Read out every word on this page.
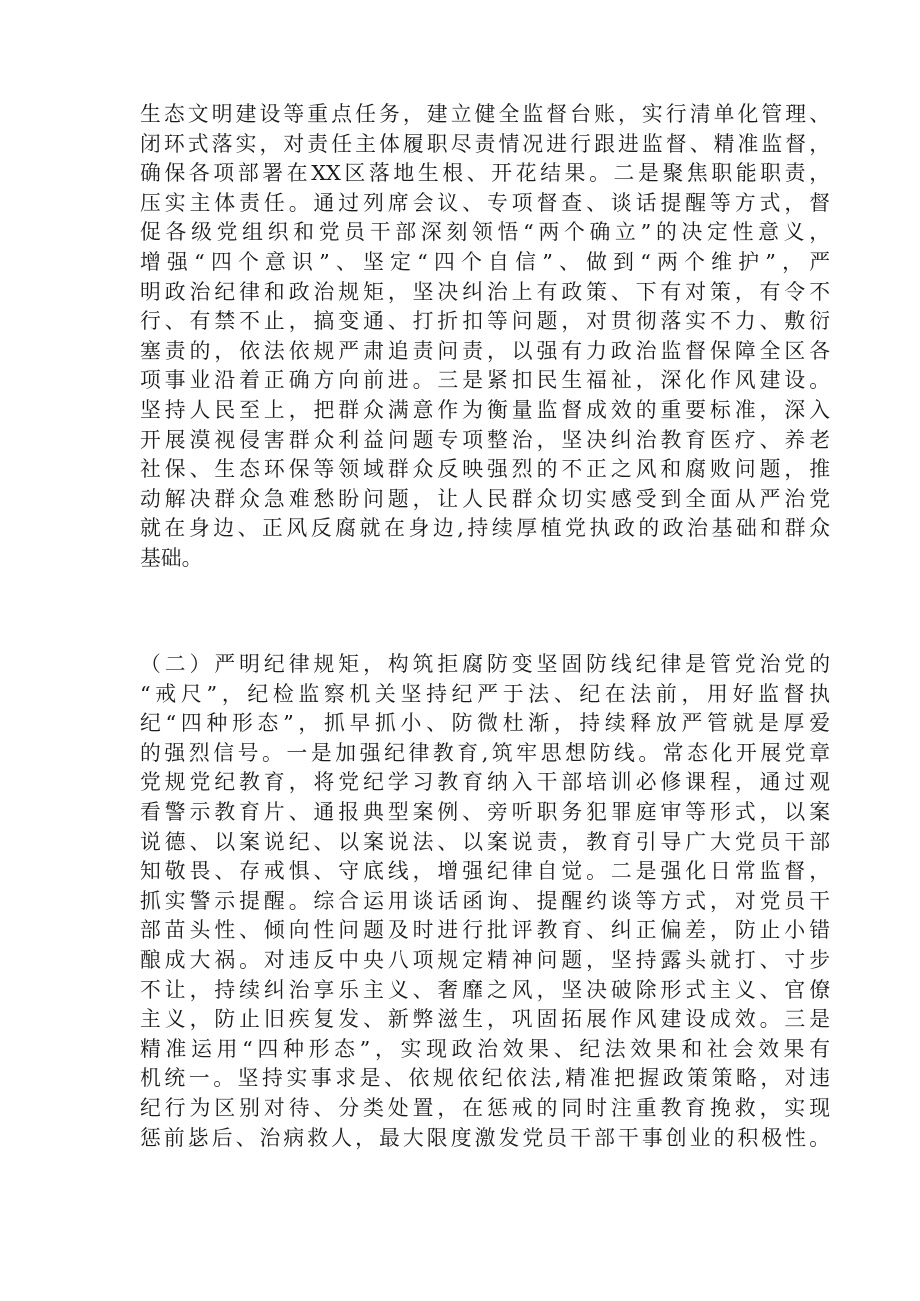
生态文明建设等重点任务，建立健全监督台账，实行清单化管理、
闭环式落实，对责任主体履职尽责情况进行跟进监督、精准监督，
确保各项部署在XX区落地生根、开花结果。二是聚焦职能职责，
压实主体责任。通过列席会议、专项督查、谈话提醒等方式，督
促各级党组织和党员干部深刻领悟“两个确立”的决定性意义，
增强“四个意识”、坚定“四个自信”、做到“两个维护”，严
明政治纪律和政治规矩，坚决纠治上有政策、下有对策，有令不
行、有禁不止，搞变通、打折扣等问题，对贯彻落实不力、敷衍
塞责的，依法依规严肃追责问责，以强有力政治监督保障全区各
项事业沿着正确方向前进。三是紧扣民生福祉，深化作风建设。
坚持人民至上，把群众满意作为衡量监督成效的重要标准，深入
开展漠视侵害群众利益问题专项整治，坚决纠治教育医疗、养老
社保、生态环保等领域群众反映强烈的不正之风和腐败问题，推
动解决群众急难愁盼问题，让人民群众切实感受到全面从严治党
就在身边、正风反腐就在身边,持续厚植党执政的政治基础和群众
基础。
（二）严明纪律规矩，构筑拒腐防变坚固防线纪律是管党治党的
“戒尺”，纪检监察机关坚持纪严于法、纪在法前，用好监督执
纪“四种形态”，抓早抓小、防微杜渐，持续释放严管就是厚爱
的强烈信号。一是加强纪律教育,筑牢思想防线。常态化开展党章
党规党纪教育，将党纪学习教育纳入干部培训必修课程，通过观
看警示教育片、通报典型案例、旁听职务犯罪庭审等形式，以案
说德、以案说纪、以案说法、以案说责，教育引导广大党员干部
知敬畏、存戒惧、守底线，增强纪律自觉。二是强化日常监督，
抓实警示提醒。综合运用谈话函询、提醒约谈等方式，对党员干
部苗头性、倾向性问题及时进行批评教育、纠正偏差，防止小错
酿成大祸。对违反中央八项规定精神问题，坚持露头就打、寸步
不让，持续纠治享乐主义、奢靡之风，坚决破除形式主义、官僚
主义，防止旧疾复发、新弊滋生，巩固拓展作风建设成效。三是
精准运用“四种形态”，实现政治效果、纪法效果和社会效果有
机统一。坚持实事求是、依规依纪依法,精准把握政策策略，对违
纪行为区别对待、分类处置，在惩戒的同时注重教育挽救，实现
惩前毖后、治病救人，最大限度激发党员干部干事创业的积极性。
